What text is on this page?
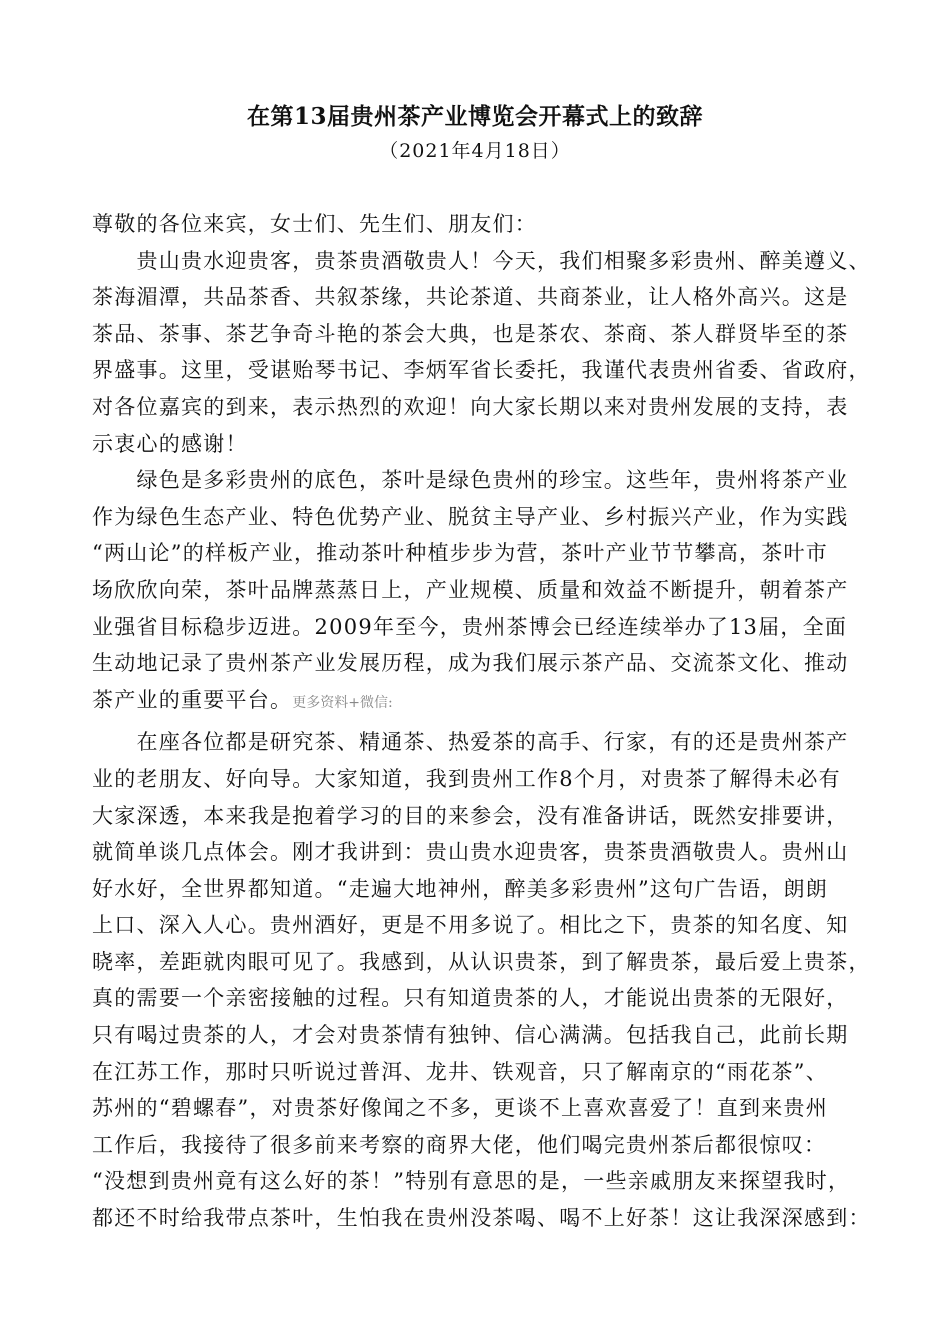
在第13届贵州茶产业博览会开幕式上的致辞
（2021年4月18日）
尊敬的各位来宾，女士们、先生们、朋友们：
　　贵山贵水迎贵客，贵茶贵酒敬贵人！今天，我们相聚多彩贵州、醉美遵义、
茶海湄潭，共品茶香、共叙茶缘，共论茶道、共商茶业，让人格外高兴。这是
茶品、茶事、茶艺争奇斗艳的茶会大典，也是茶农、茶商、茶人群贤毕至的茶
界盛事。这里，受谌贻琴书记、李炳军省长委托，我谨代表贵州省委、省政府，
对各位嘉宾的到来，表示热烈的欢迎！向大家长期以来对贵州发展的支持，表
示衷心的感谢！
　　绿色是多彩贵州的底色，茶叶是绿色贵州的珍宝。这些年，贵州将茶产业
作为绿色生态产业、特色优势产业、脱贫主导产业、乡村振兴产业，作为实践
“两山论”的样板产业，推动茶叶种植步步为营，茶叶产业节节攀高，茶叶市
场欣欣向荣，茶叶品牌蒸蒸日上，产业规模、质量和效益不断提升，朝着茶产
业强省目标稳步迈进。2009年至今，贵州茶博会已经连续举办了13届，全面
生动地记录了贵州茶产业发展历程，成为我们展示茶产品、交流茶文化、推动
茶产业的重要平台。更多资料+微信:
　　在座各位都是研究茶、精通茶、热爱茶的高手、行家，有的还是贵州茶产
业的老朋友、好向导。大家知道，我到贵州工作8个月，对贵茶了解得未必有
大家深透，本来我是抱着学习的目的来参会，没有准备讲话，既然安排要讲，
就简单谈几点体会。刚才我讲到：贵山贵水迎贵客，贵茶贵酒敬贵人。贵州山
好水好，全世界都知道。“走遍大地神州，醉美多彩贵州”这句广告语，朗朗
上口、深入人心。贵州酒好，更是不用多说了。相比之下，贵茶的知名度、知
晓率，差距就肉眼可见了。我感到，从认识贵茶，到了解贵茶，最后爱上贵茶，
真的需要一个亲密接触的过程。只有知道贵茶的人，才能说出贵茶的无限好，
只有喝过贵茶的人，才会对贵茶情有独钟、信心满满。包括我自己，此前长期
在江苏工作，那时只听说过普洱、龙井、铁观音，只了解南京的“雨花茶”、
苏州的“碧螺春”，对贵茶好像闻之不多，更谈不上喜欢喜爱了！直到来贵州
工作后，我接待了很多前来考察的商界大佬，他们喝完贵州茶后都很惊叹：
“没想到贵州竟有这么好的茶！”特别有意思的是，一些亲戚朋友来探望我时，
都还不时给我带点茶叶，生怕我在贵州没茶喝、喝不上好茶！这让我深深感到：
